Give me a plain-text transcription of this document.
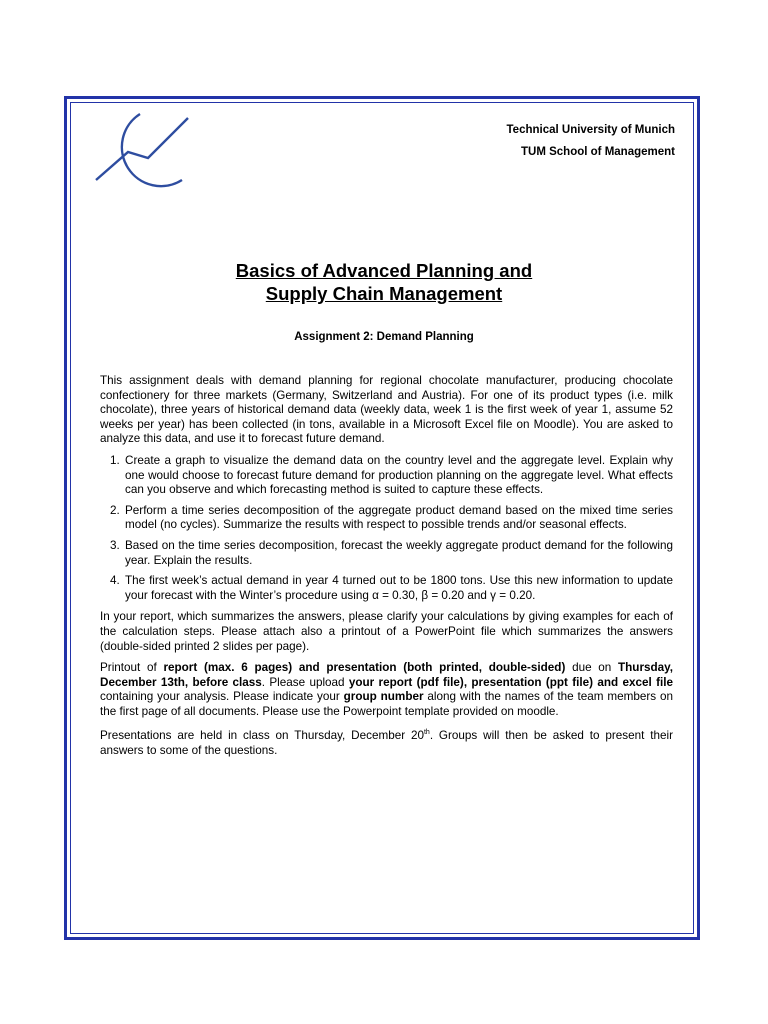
Technical University of Munich
TUM School of Management
Basics of Advanced Planning and
Supply Chain Management
Assignment 2: Demand Planning

This assignment deals with demand planning for regional chocolate manufacturer, producing chocolate confectionery for three markets (Germany, Switzerland and Austria). For one of its product types (i.e. milk chocolate), three years of historical demand data (weekly data, week 1 is the first week of year 1, assume 52 weeks per year) has been collected (in tons, available in a Microsoft Excel file on Moodle). You are asked to analyze this data, and use it to forecast future demand.

1. Create a graph to visualize the demand data on the country level and the aggregate level. Explain why one would choose to forecast future demand for production planning on the aggregate level. What effects can you observe and which forecasting method is suited to capture these effects.
2. Perform a time series decomposition of the aggregate product demand based on the mixed time series model (no cycles). Summarize the results with respect to possible trends and/or seasonal effects.
3. Based on the time series decomposition, forecast the weekly aggregate product demand for the following year. Explain the results.
4. The first week’s actual demand in year 4 turned out to be 1800 tons. Use this new information to update your forecast with the Winter’s procedure using α = 0.30, β = 0.20 and γ = 0.20.

In your report, which summarizes the answers, please clarify your calculations by giving examples for each of the calculation steps. Please attach also a printout of a PowerPoint file which summarizes the answers (double-sided printed 2 slides per page).

Printout of report (max. 6 pages) and presentation (both printed, double-sided) due on Thursday, December 13th, before class. Please upload your report (pdf file), presentation (ppt file) and excel file containing your analysis. Please indicate your group number along with the names of the team members on the first page of all documents. Please use the Powerpoint template provided on moodle.

Presentations are held in class on Thursday, December 20th. Groups will then be asked to present their answers to some of the questions.
